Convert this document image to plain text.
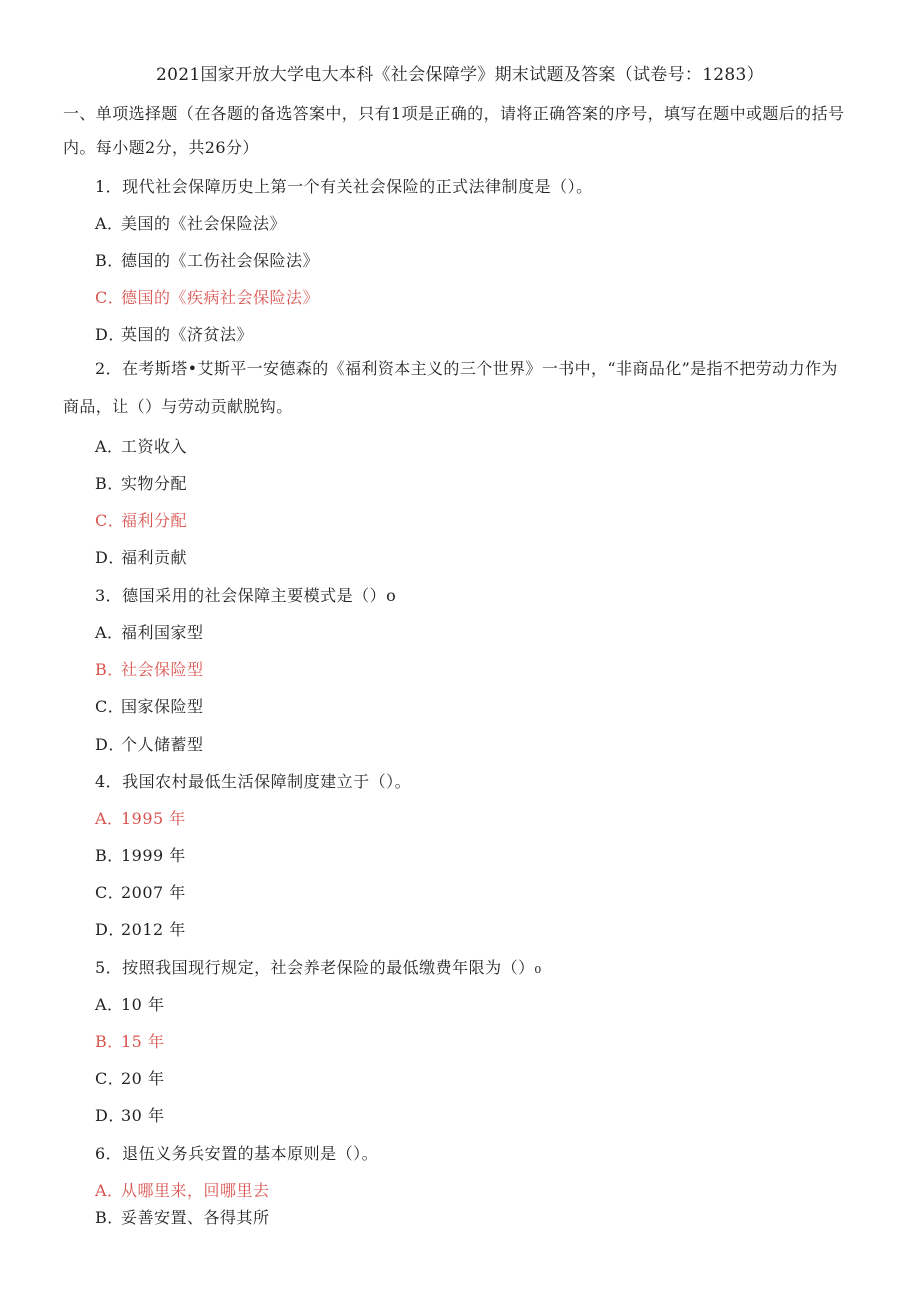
2021国家开放大学电大本科《社会保障学》期末试题及答案（试卷号：1283）
一、单项选择题（在各题的备选答案中，只有1项是正确的，请将正确答案的序号，填写在题中或题后的括号内。每小题2分，共26分）
1．现代社会保障历史上第一个有关社会保险的正式法律制度是（）。
A．美国的《社会保险法》
B．德国的《工伤社会保险法》
C．德国的《疾病社会保险法》
D．英国的《济贫法》
2．在考斯塔•艾斯平一安德森的《福利资本主义的三个世界》一书中，“非商品化”是指不把劳动力作为商品，让（）与劳动贡献脱钩。
A．工资收入
B．实物分配
C．福利分配
D．福利贡献
3．德国采用的社会保障主要模式是（）o
A．福利国家型
B．社会保险型
C．国家保险型
D．个人储蓄型
4．我国农村最低生活保障制度建立于（）。
A．1995 年
B．1999 年
C．2007 年
D．2012 年
5．按照我国现行规定，社会养老保险的最低缴费年限为（）₀
A．10 年
B．15 年
C．20 年
D．30 年
6．退伍义务兵安置的基本原则是（）。
A．从哪里来，回哪里去
B．妥善安置、各得其所
